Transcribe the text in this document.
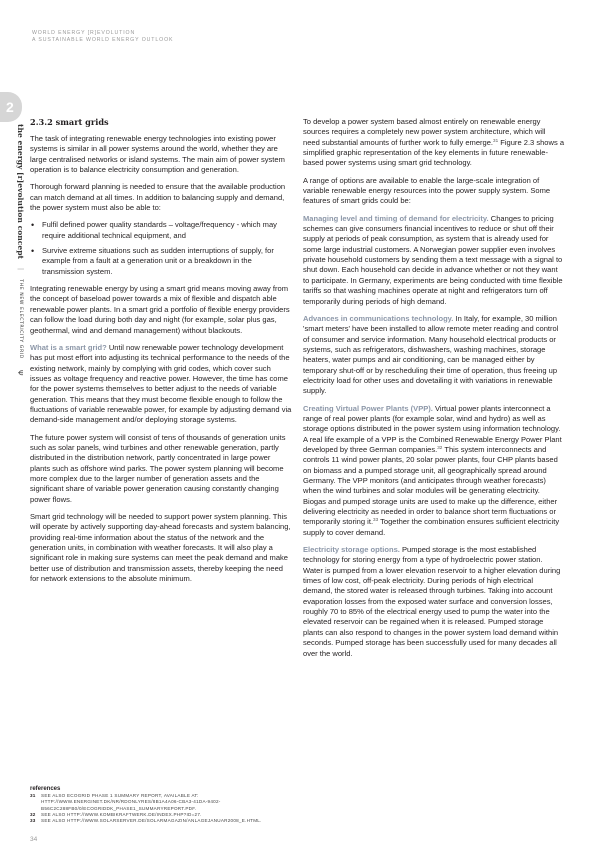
WORLD ENERGY [R]EVOLUTION
A SUSTAINABLE WORLD ENERGY OUTLOOK
2
the energy [r]evolution concept | THE NEW ELECTRICITY GRID Ψ
2.3.2 smart grids

The task of integrating renewable energy technologies into existing power systems is similar in all power systems around the world, whether they are large centralised networks or island systems. The main aim of power system operation is to balance electricity consumption and generation.

Thorough forward planning is needed to ensure that the available production can match demand at all times. In addition to balancing supply and demand, the power system must also be able to:

• Fulfil defined power quality standards – voltage/frequency - which may require additional technical equipment, and
• Survive extreme situations such as sudden interruptions of supply, for example from a fault at a generation unit or a breakdown in the transmission system.

Integrating renewable energy by using a smart grid means moving away from the concept of baseload power towards a mix of flexible and dispatch able renewable power plants. In a smart grid a portfolio of flexible energy providers can follow the load during both day and night (for example, solar plus gas, geothermal, wind and demand management) without blackouts.

What is a smart grid? Until now renewable power technology development has put most effort into adjusting its technical performance to the needs of the existing network, mainly by complying with grid codes, which cover such issues as voltage frequency and reactive power. However, the time has come for the power systems themselves to better adjust to the needs of variable generation. This means that they must become flexible enough to follow the fluctuations of variable renewable power, for example by adjusting demand via demand-side management and/or deploying storage systems.

The future power system will consist of tens of thousands of generation units such as solar panels, wind turbines and other renewable generation, partly distributed in the distribution network, partly concentrated in large power plants such as offshore wind parks. The power system planning will become more complex due to the larger number of generation assets and the significant share of variable power generation causing constantly changing power flows.

Smart grid technology will be needed to support power system planning. This will operate by actively supporting day-ahead forecasts and system balancing, providing real-time information about the status of the network and the generation units, in combination with weather forecasts. It will also play a significant role in making sure systems can meet the peak demand and make better use of distribution and transmission assets, thereby keeping the need for network extensions to the absolute minimum.

To develop a power system based almost entirely on renewable energy sources requires a completely new power system architecture, which will need substantial amounts of further work to fully emerge.$^{31}$ Figure 2.3 shows a simplified graphic representation of the key elements in future renewable-based power systems using smart grid technology.

A range of options are available to enable the large-scale integration of variable renewable energy resources into the power supply system. Some features of smart grids could be:

Managing level and timing of demand for electricity. Changes to pricing schemes can give consumers financial incentives to reduce or shut off their supply at periods of peak consumption, as system that is already used for some large industrial customers. A Norwegian power supplier even involves private household customers by sending them a text message with a signal to shut down. Each household can decide in advance whether or not they want to participate. In Germany, experiments are being conducted with time flexible tariffs so that washing machines operate at night and refrigerators turn off temporarily during periods of high demand.

Advances in communications technology. In Italy, for example, 30 million 'smart meters' have been installed to allow remote meter reading and control of consumer and service information. Many household electrical products or systems, such as refrigerators, dishwashers, washing machines, storage heaters, water pumps and air conditioning, can be managed either by temporary shut-off or by rescheduling their time of operation, thus freeing up electricity load for other uses and dovetailing it with variations in renewable supply.

Creating Virtual Power Plants (VPP). Virtual power plants interconnect a range of real power plants (for example solar, wind and hydro) as well as storage options distributed in the power system using information technology. A real life example of a VPP is the Combined Renewable Energy Power Plant developed by three German companies.$^{32}$ This system interconnects and controls 11 wind power plants, 20 solar power plants, four CHP plants based on biomass and a pumped storage unit, all geographically spread around Germany. The VPP monitors (and anticipates through weather forecasts) when the wind turbines and solar modules will be generating electricity. Biogas and pumped storage units are used to make up the difference, either delivering electricity as needed in order to balance short term fluctuations or temporarily storing it.$^{33}$ Together the combination ensures sufficient electricity supply to cover demand.

Electricity storage options. Pumped storage is the most established technology for storing energy from a type of hydroelectric power station. Water is pumped from a lower elevation reservoir to a higher elevation during times of low cost, off-peak electricity. During periods of high electrical demand, the stored water is released through turbines. Taking into account evaporation losses from the exposed water surface and conversion losses, roughly 70 to 85% of the electrical energy used to pump the water into the elevated reservoir can be regained when it is released. Pumped storage plants can also respond to changes in the power system load demand within seconds. Pumped storage has been successfully used for many decades all over the world.

references
31 SEE ALSO ECOGRID PHASE 1 SUMMARY REPORT, AVAILABLE AT:
HTTP://WWW.ENERGINET.DK/NR/RDONLYRES/8B1A4A06-CBA3-41DA-9402-
B56C2C288FB0/0/ECOGRIDDK_PHASE1_SUMMARYREPORT.PDF.
32 SEE ALSO HTTP://WWW.KOMBIKRAFTWERK.DE/INDEX.PHP?ID=27.
33 SEE ALSO HTTP://WWW.SOLARSERVER.DE/SOLARMAGAZIN/ANLAGEJANUAR2008_E.HTML.
34
